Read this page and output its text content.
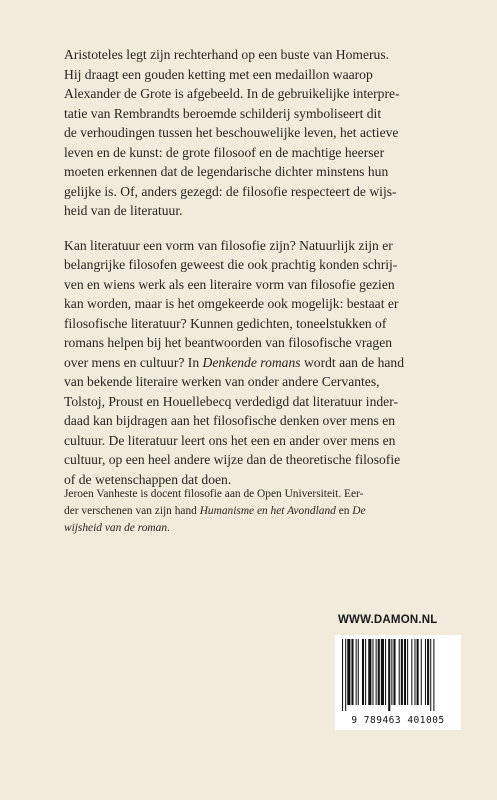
Aristoteles legt zijn rechterhand op een buste van Homerus.
Hij draagt een gouden ketting met een medaillon waarop
Alexander de Grote is afgebeeld. In de gebruikelijke interpre-
tatie van Rembrandts beroemde schilderij symboliseert dit
de verhoudingen tussen het beschouwelijke leven, het actieve
leven en de kunst: de grote filosoof en de machtige heerser
moeten erkennen dat de legendarische dichter minstens hun
gelijke is. Of, anders gezegd: de filosofie respecteert de wijs-
heid van de literatuur.

Kan literatuur een vorm van filosofie zijn? Natuurlijk zijn er
belangrijke filosofen geweest die ook prachtig konden schrij-
ven en wiens werk als een literaire vorm van filosofie gezien
kan worden, maar is het omgekeerde ook mogelijk: bestaat er
filosofische literatuur? Kunnen gedichten, toneelstukken of
romans helpen bij het beantwoorden van filosofische vragen
over mens en cultuur? In Denkende romans wordt aan de hand
van bekende literaire werken van onder andere Cervantes,
Tolstoj, Proust en Houellebecq verdedigd dat literatuur inder-
daad kan bijdragen aan het filosofische denken over mens en
cultuur. De literatuur leert ons het een en ander over mens en
cultuur, op een heel andere wijze dan de theoretische filosofie
of de wetenschappen dat doen.

Jeroen Vanheste is docent filosofie aan de Open Universiteit. Eer-
der verschenen van zijn hand Humanisme en het Avondland en De
wijsheid van de roman.
WWW.DAMON.NL
9 789463 401005
